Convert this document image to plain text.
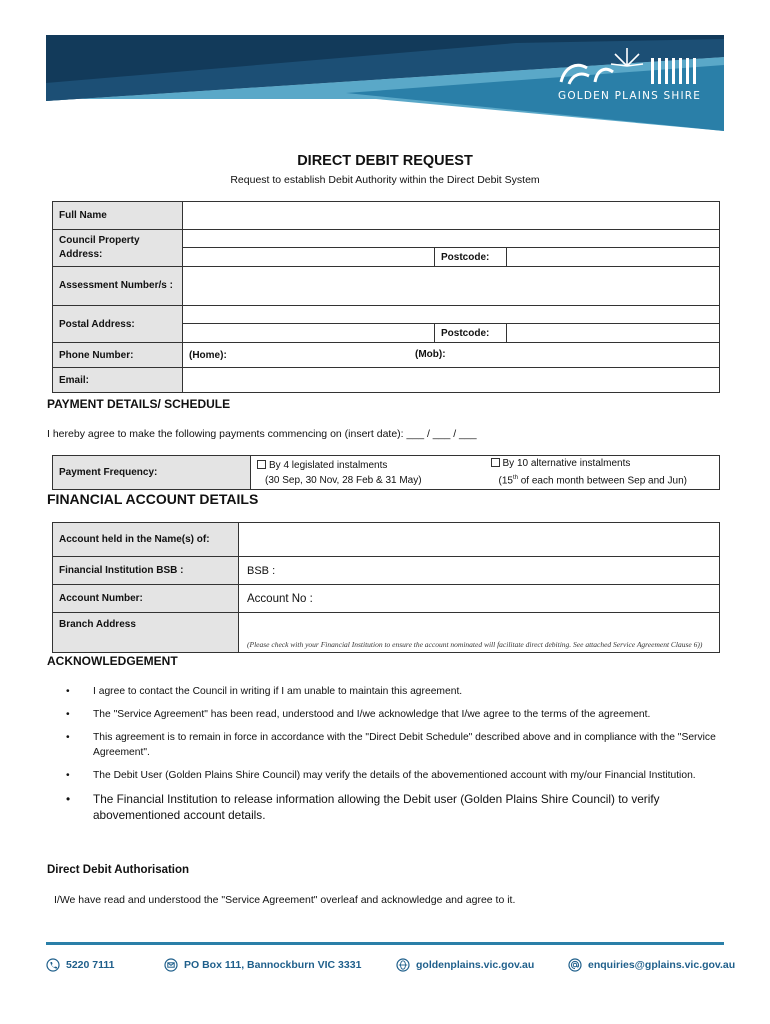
GOLDEN PLAINS SHIRE
DIRECT DEBIT REQUEST
Request to establish Debit Authority within the Direct Debit System
Full Name			
Council Property Address:			
		Postcode:	
Assessment Number/s :			
Postal Address:			
		Postcode:	
Phone Number:	(Home): (Mob):		

Email:			
PAYMENT DETAILS/ SCHEDULE
I hereby agree to make the following payments commencing on (insert date): ___ / ___ / ___
Payment Frequency:	
By 4 legislated instalments
(30 Sep, 30 Nov, 28 Feb & 31 May)

By 10 alternative instalments
(15th of each month between Sep and Jun)
FINANCIAL ACCOUNT DETAILS
Account held in the Name(s) of:	
Financial Institution BSB :	BSB :
Account Number:	Account No :
Branch Address	(Please check with your Financial Institution to ensure the account nominated will facilitate direct debiting. See attached Service Agreement Clause 6))
ACKNOWLEDGEMENT
• I agree to contact the Council in writing if I am unable to maintain this agreement.
• The "Service Agreement" has been read, understood and I/we acknowledge that I/we agree to the terms of the agreement.
• This agreement is to remain in force in accordance with the "Direct Debit Schedule" described above and in compliance with the "Service Agreement".
• The Debit User (Golden Plains Shire Council) may verify the details of the abovementioned account with my/our Financial Institution.
• The Financial Institution to release information allowing the Debit user (Golden Plains Shire Council) to verify abovementioned account details.
Direct Debit Authorisation
I/We have read and understood the "Service Agreement" overleaf and acknowledge and agree to it.
5220 7111	PO Box 111, Bannockburn VIC 3331	goldenplains.vic.gov.au	enquiries@gplains.vic.gov.au
